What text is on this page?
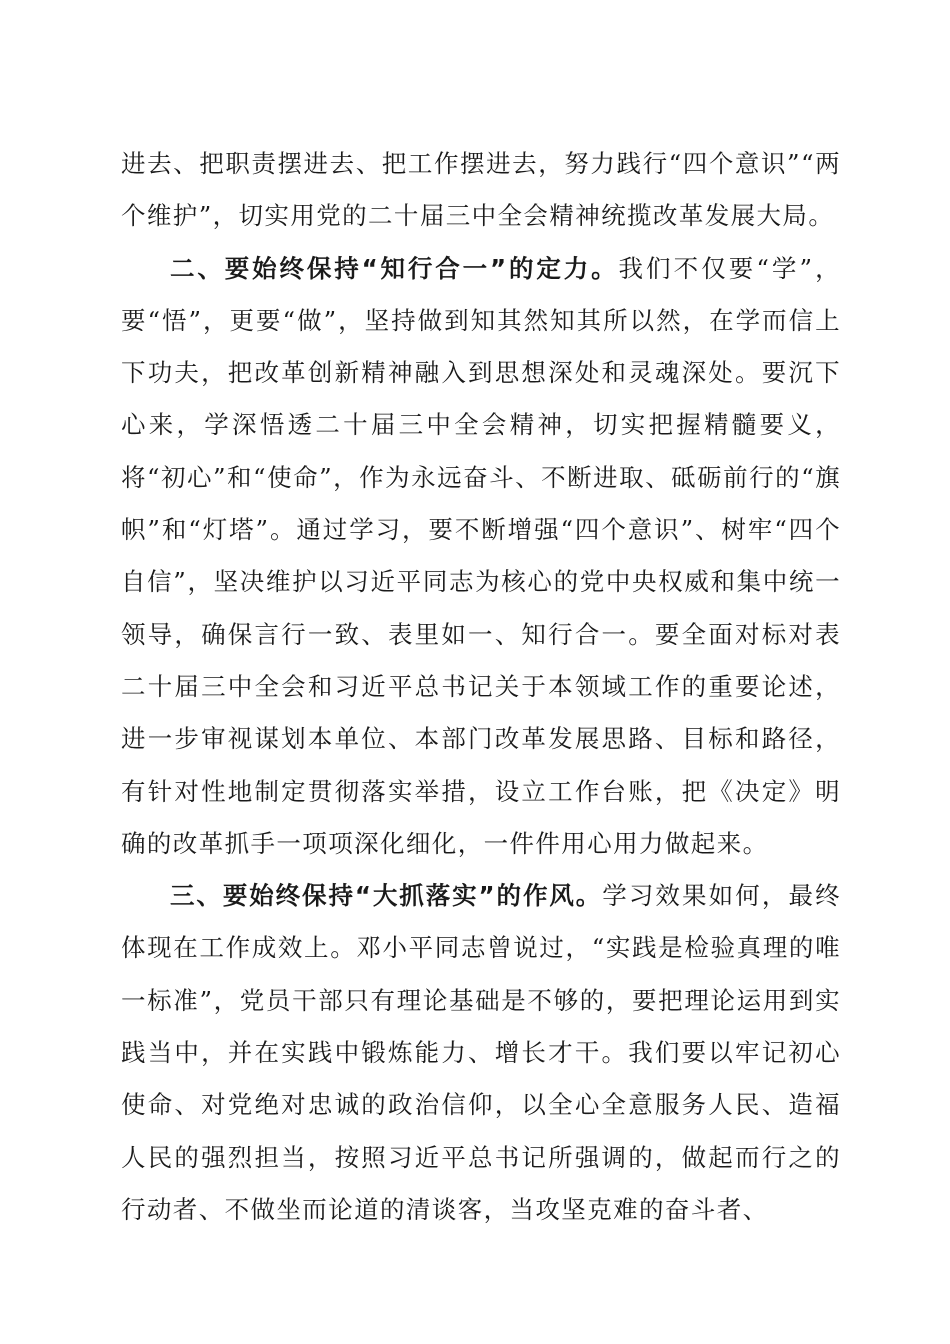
进去、把职责摆进去、把工作摆进去，努力践行“四个意识”“两个维护”，切实用党的二十届三中全会精神统揽改革发展大局。

二、要始终保持“知行合一”的定力。我们不仅要“学”，要“悟”，更要“做”，坚持做到知其然知其所以然，在学而信上下功夫，把改革创新精神融入到思想深处和灵魂深处。要沉下心来，学深悟透二十届三中全会精神，切实把握精髓要义，将“初心”和“使命”，作为永远奋斗、不断进取、砥砺前行的“旗帜”和“灯塔”。通过学习，要不断增强“四个意识”、树牢“四个自信”，坚决维护以习近平同志为核心的党中央权威和集中统一领导，确保言行一致、表里如一、知行合一。要全面对标对表二十届三中全会和习近平总书记关于本领域工作的重要论述，进一步审视谋划本单位、本部门改革发展思路、目标和路径，有针对性地制定贯彻落实举措，设立工作台账，把《决定》明确的改革抓手一项项深化细化，一件件用心用力做起来。

三、要始终保持“大抓落实”的作风。学习效果如何，最终体现在工作成效上。邓小平同志曾说过，“实践是检验真理的唯一标准”，党员干部只有理论基础是不够的，要把理论运用到实践当中，并在实践中锻炼能力、增长才干。我们要以牢记初心使命、对党绝对忠诚的政治信仰，以全心全意服务人民、造福人民的强烈担当，按照习近平总书记所强调的，做起而行之的行动者、不做坐而论道的清谈客，当攻坚克难的奋斗者、
